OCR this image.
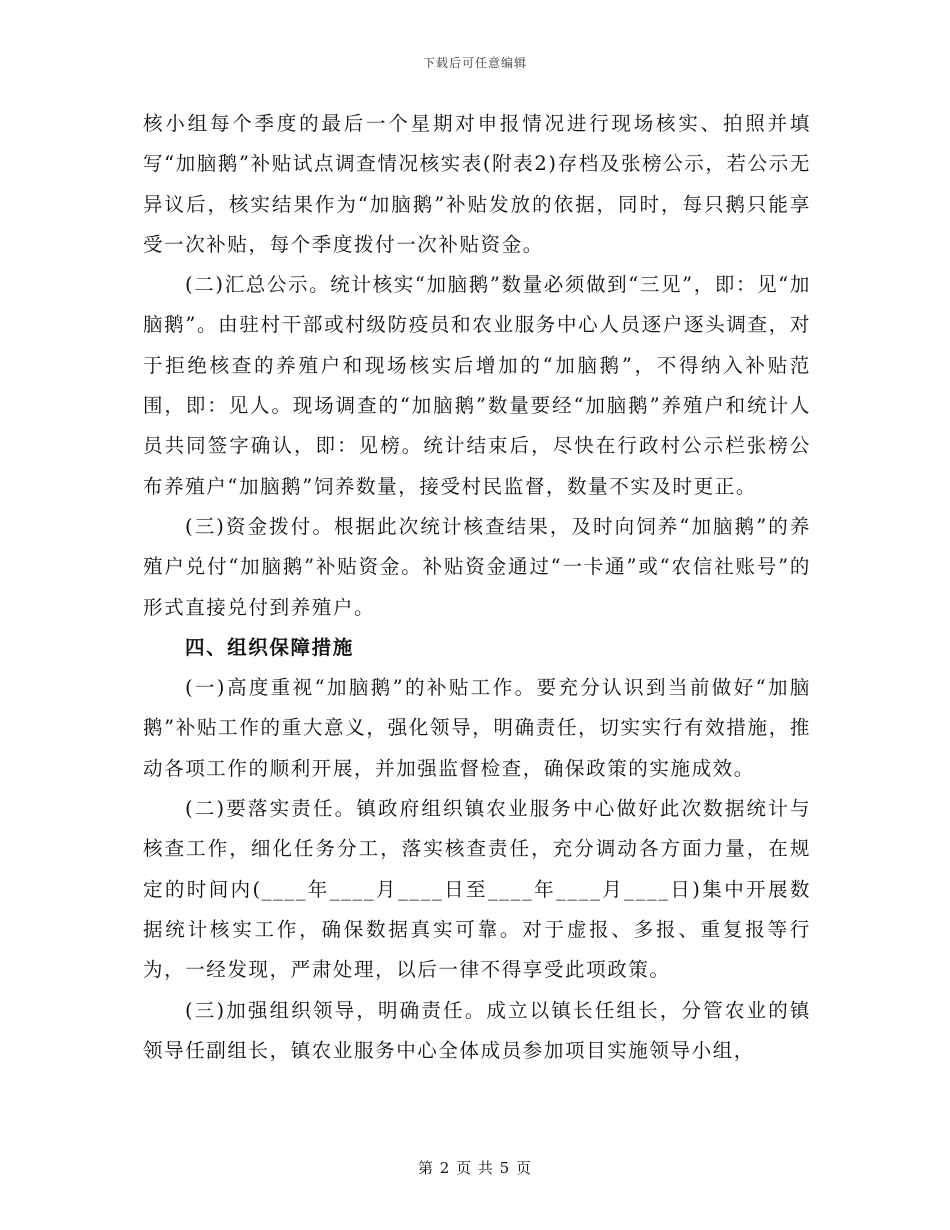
下载后可任意编辑

核小组每个季度的最后一个星期对申报情况进行现场核实、拍照并填写“加脑鹅”补贴试点调查情况核实表(附表2)存档及张榜公示，若公示无异议后，核实结果作为“加脑鹅”补贴发放的依据，同时，每只鹅只能享受一次补贴，每个季度拨付一次补贴资金。

(二)汇总公示。统计核实“加脑鹅”数量必须做到“三见”，即：见“加脑鹅”。由驻村干部或村级防疫员和农业服务中心人员逐户逐头调查，对于拒绝核查的养殖户和现场核实后增加的“加脑鹅”，不得纳入补贴范围，即：见人。现场调查的“加脑鹅”数量要经“加脑鹅”养殖户和统计人员共同签字确认，即：见榜。统计结束后，尽快在行政村公示栏张榜公布养殖户“加脑鹅”饲养数量，接受村民监督，数量不实及时更正。

(三)资金拨付。根据此次统计核查结果，及时向饲养“加脑鹅”的养殖户兑付“加脑鹅”补贴资金。补贴资金通过“一卡通”或“农信社账号”的形式直接兑付到养殖户。

四、组织保障措施

(一)高度重视“加脑鹅”的补贴工作。要充分认识到当前做好“加脑鹅”补贴工作的重大意义，强化领导，明确责任，切实实行有效措施，推动各项工作的顺利开展，并加强监督检查，确保政策的实施成效。

(二)要落实责任。镇政府组织镇农业服务中心做好此次数据统计与核查工作，细化任务分工，落实核查责任，充分调动各方面力量，在规定的时间内(____年____月____日至____年____月____日)集中开展数据统计核实工作，确保数据真实可靠。对于虚报、多报、重复报等行为，一经发现，严肃处理，以后一律不得享受此项政策。

(三)加强组织领导，明确责任。成立以镇长任组长，分管农业的镇领导任副组长，镇农业服务中心全体成员参加项目实施领导小组，

第 2 页 共 5 页
